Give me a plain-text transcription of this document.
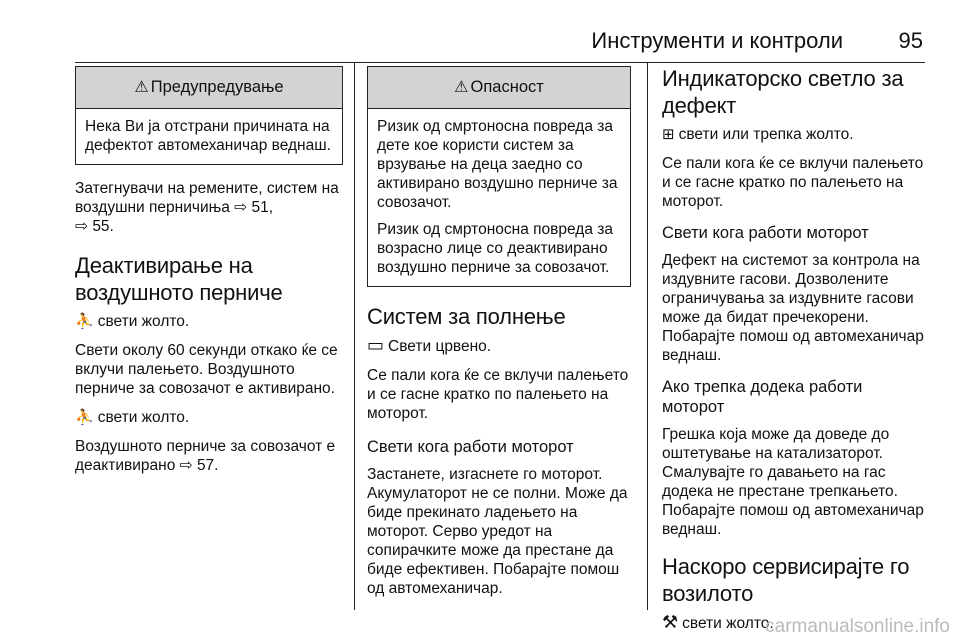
Инструменти и контроли	95
⚠ Предупредување

Нека Ви ја отстрани причината на дефектот автомеханичар веднаш.

Затегнувачи на ремените, систем на воздушни перничиња ⇨ 51,
⇨ 55.

Деактивирање на воздушното перниче

⛹ свети жолто.

Свети околу 60 секунди откако ќе се вклучи палењето. Воздушното перниче за совозачот е активирано.

⛹ свети жолто.

Воздушното перниче за совозачот е деактивирано ⇨ 57.

⚠ Опасност

Ризик од смртоносна повреда за дете кое користи систем за врзување на деца заедно со активирано воздушно перниче за совозачот.

Ризик од смртоносна повреда за возрасно лице со деактивирано воздушно перниче за совозачот.

Систем за полнење

▭ Свети црвено.

Се пали кога ќе се вклучи палењето и се гасне кратко по палењето на моторот.

Свети кога работи моторот

Застанете, изгаснете го моторот. Акумулаторот не се полни. Може да биде прекинато ладењето на моторот. Серво уредот на сопирачките може да престане да биде ефективен. Побарајте помош од автомеханичар.

Индикаторско светло за дефект

⊞ свети или трепка жолто.

Се пали кога ќе се вклучи палењето и се гасне кратко по палењето на моторот.

Свети кога работи моторот

Дефект на системот за контрола на издувните гасови. Дозволените ограничувања за издувните гасови може да бидат пречекорени. Побарајте помош од автомеханичар веднаш.

Ако трепка додека работи моторот

Грешка која може да доведе до оштетување на катализаторот. Смалувајте го давањето на гас додека не престане трепкањето. Побарајте помош од автомеханичар веднаш.

Наскоро сервисирајте го возилото

⚒ свети жолто.

carmanualsonline.info
